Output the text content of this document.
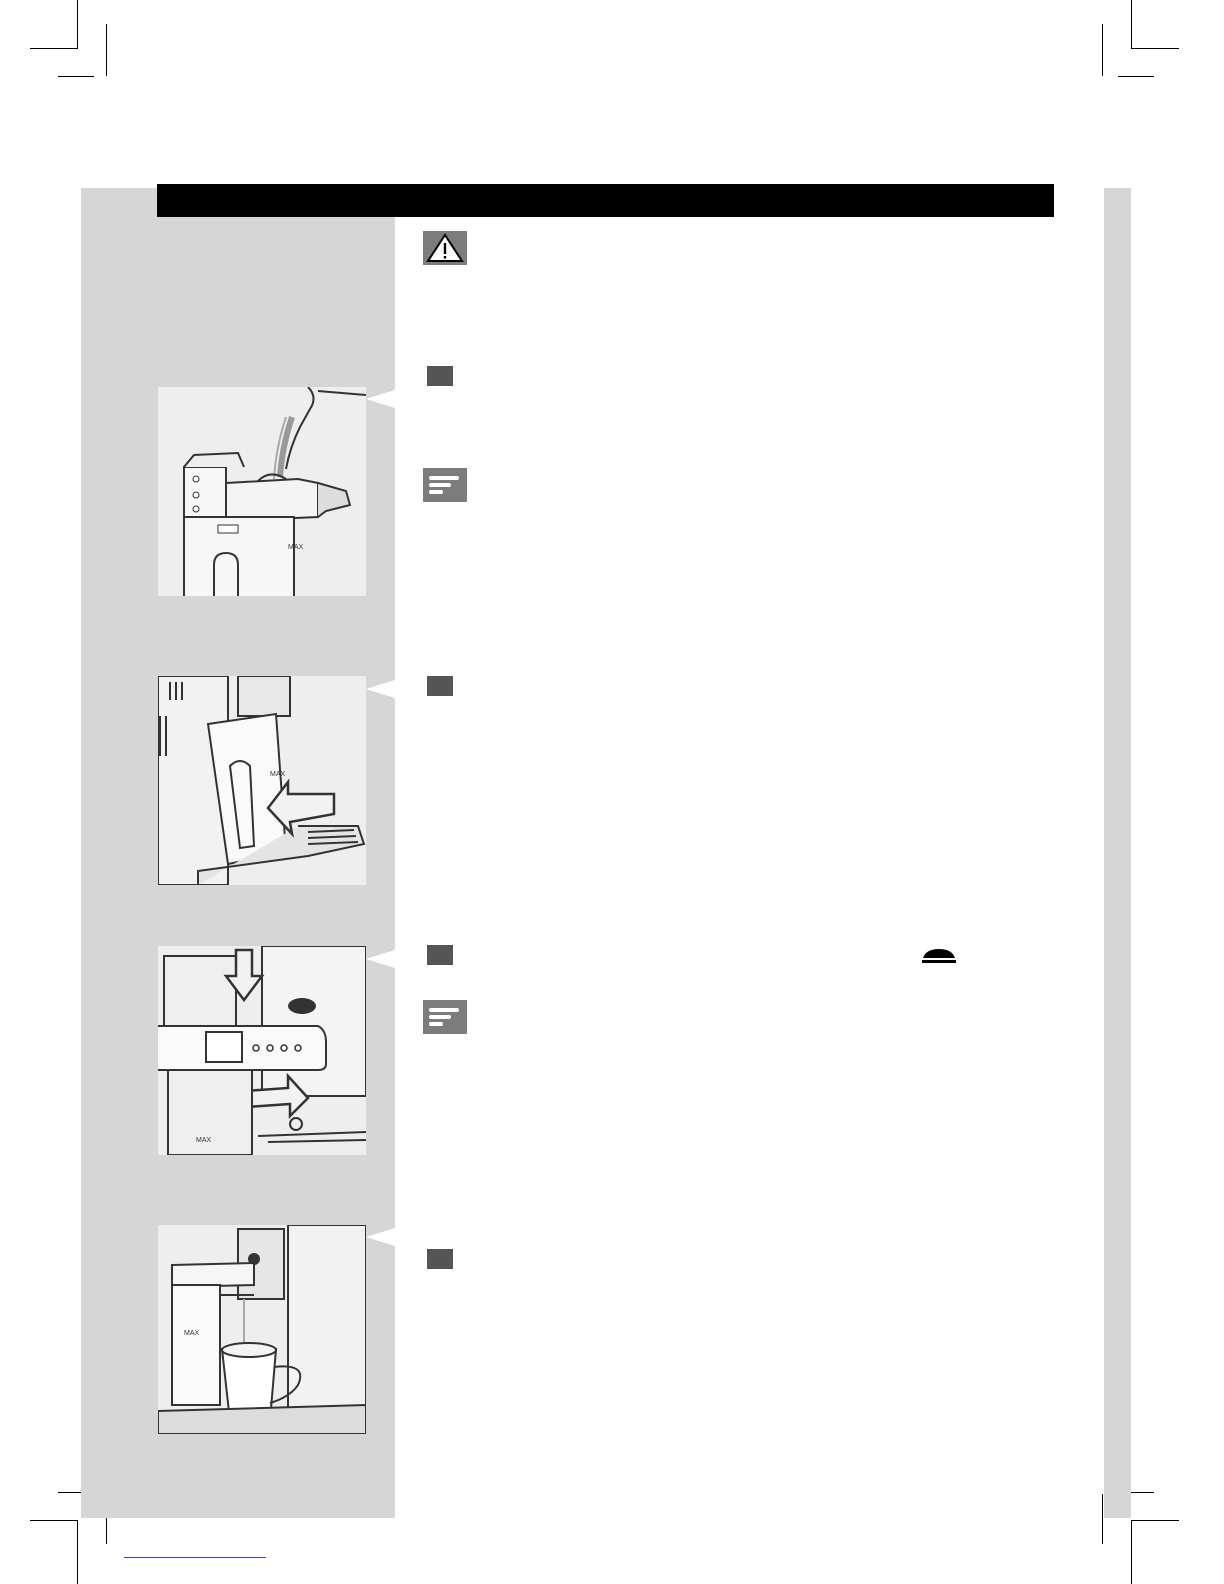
MAX
MAX
MAX
MAX
